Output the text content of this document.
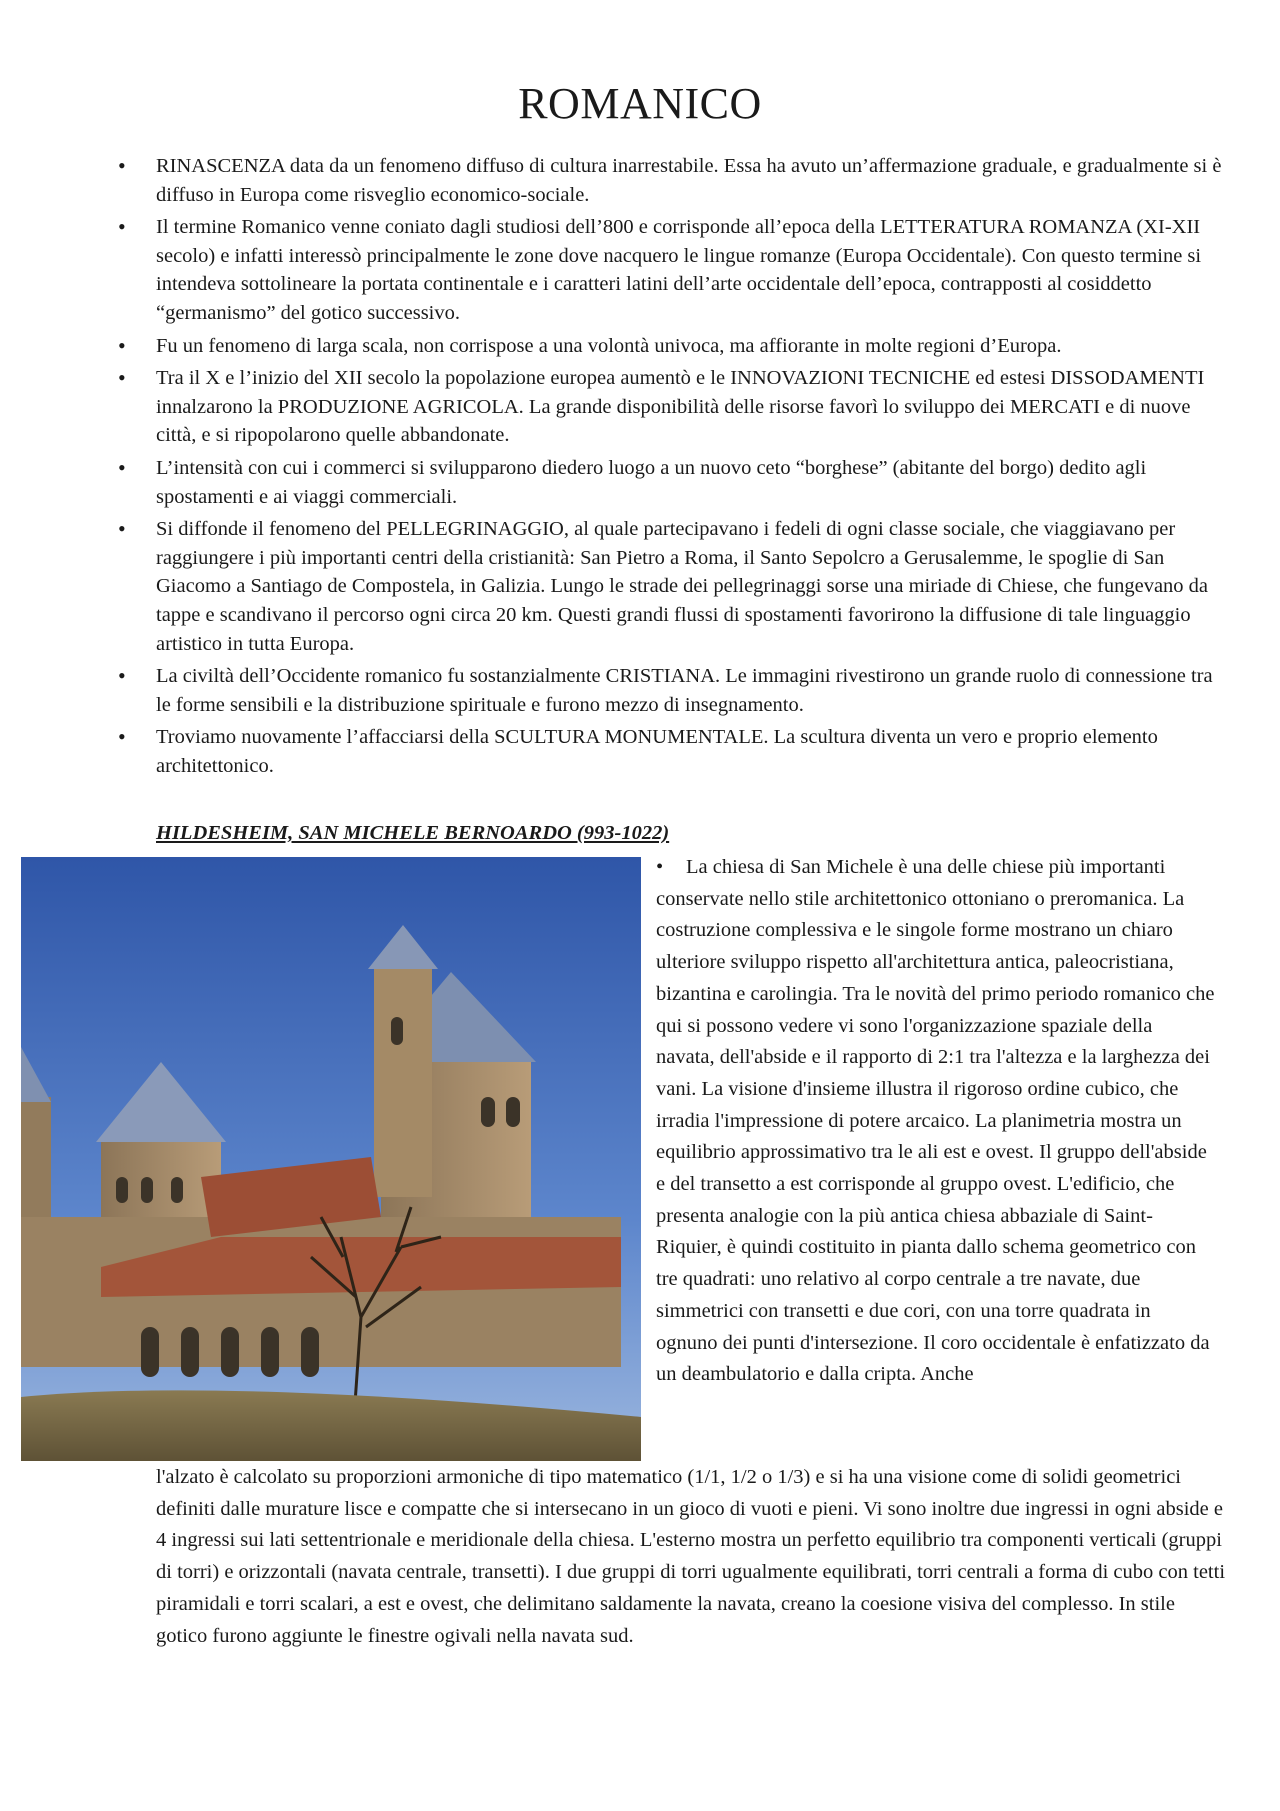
ROMANICO
• RINASCENZA data da un fenomeno diffuso di cultura inarrestabile. Essa ha avuto un’affermazione graduale, e gradualmente si è diffuso in Europa come risveglio economico-sociale.
• Il termine Romanico venne coniato dagli studiosi dell’800 e corrisponde all’epoca della LETTERATURA ROMANZA (XI-XII secolo) e infatti interessò principalmente le zone dove nacquero le lingue romanze (Europa Occidentale). Con questo termine si intendeva sottolineare la portata continentale e i caratteri latini dell’arte occidentale dell’epoca, contrapposti al cosiddetto “germanismo” del gotico successivo.
• Fu un fenomeno di larga scala, non corrispose a una volontà univoca, ma affiorante in molte regioni d’Europa.
• Tra il X e l’inizio del XII secolo la popolazione europea aumentò e le INNOVAZIONI TECNICHE ed estesi DISSODAMENTI innalzarono la PRODUZIONE AGRICOLA. La grande disponibilità delle risorse favorì lo sviluppo dei MERCATI e di nuove città, e si ripopolarono quelle abbandonate.
• L’intensità con cui i commerci si svilupparono diedero luogo a un nuovo ceto “borghese” (abitante del borgo) dedito agli spostamenti e ai viaggi commerciali.
• Si diffonde il fenomeno del PELLEGRINAGGIO, al quale partecipavano i fedeli di ogni classe sociale, che viaggiavano per raggiungere i più importanti centri della cristianità: San Pietro a Roma, il Santo Sepolcro a Gerusalemme, le spoglie di San Giacomo a Santiago de Compostela, in Galizia. Lungo le strade dei pellegrinaggi sorse una miriade di Chiese, che fungevano da tappe e scandivano il percorso ogni circa 20 km. Questi grandi flussi di spostamenti favorirono la diffusione di tale linguaggio artistico in tutta Europa.
• La civiltà dell’Occidente romanico fu sostanzialmente CRISTIANA. Le immagini rivestirono un grande ruolo di connessione tra le forme sensibili e la distribuzione spirituale e furono mezzo di insegnamento.
• Troviamo nuovamente l’affacciarsi della SCULTURA MONUMENTALE. La scultura diventa un vero e proprio elemento architettonico.
HILDESHEIM, SAN MICHELE BERNOARDO (993-1022)

• La chiesa di San Michele è una delle chiese più importanti conservate nello stile architettonico ottoniano o preromanica. La costruzione complessiva e le singole forme mostrano un chiaro ulteriore sviluppo rispetto all'architettura antica, paleocristiana, bizantina e carolingia. Tra le novità del primo periodo romanico che qui si possono vedere vi sono l'organizzazione spaziale della navata, dell'abside e il rapporto di 2:1 tra l'altezza e la larghezza dei vani. La visione d'insieme illustra il rigoroso ordine cubico, che irradia l'impressione di potere arcaico. La planimetria mostra un equilibrio approssimativo tra le ali est e ovest. Il gruppo dell'abside e del transetto a est corrisponde al gruppo ovest. L'edificio, che presenta analogie con la più antica chiesa abbaziale di Saint-Riquier, è quindi costituito in pianta dallo schema geometrico con tre quadrati: uno relativo al corpo centrale a tre navate, due simmetrici con transetti e due cori, con una torre quadrata in ognuno dei punti d'intersezione. Il coro occidentale è enfatizzato da un deambulatorio e dalla cripta. Anche

l'alzato è calcolato su proporzioni armoniche di tipo matematico (1/1, 1/2 o 1/3) e si ha una visione come di solidi geometrici definiti dalle murature lisce e compatte che si intersecano in un gioco di vuoti e pieni. Vi sono inoltre due ingressi in ogni abside e 4 ingressi sui lati settentrionale e meridionale della chiesa. L'esterno mostra un perfetto equilibrio tra componenti verticali (gruppi di torri) e orizzontali (navata centrale, transetti). I due gruppi di torri ugualmente equilibrati, torri centrali a forma di cubo con tetti piramidali e torri scalari, a est e ovest, che delimitano saldamente la navata, creano la coesione visiva del complesso. In stile gotico furono aggiunte le finestre ogivali nella navata sud.
